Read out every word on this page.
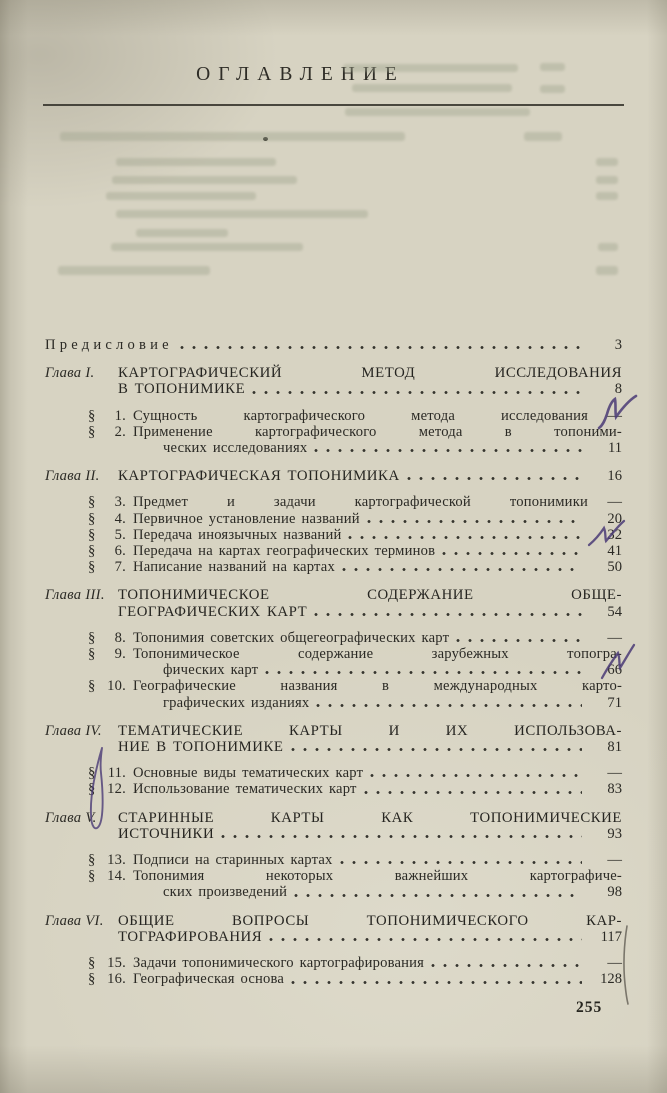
ОГЛАВЛЕНИЕ
Предисловие	3
Глава I.	КАРТОГРАФИЧЕСКИЙ МЕТОД ИССЛЕДОВАНИЯ
В ТОПОНИМИКЕ	8
§	1. Сущность картографического метода исследования	—
§	2. Применение картографического метода в топоними-
ческих исследованиях	11
Глава II.	КАРТОГРАФИЧЕСКАЯ ТОПОНИМИКА	16
§	3. Предмет и задачи картографической топонимики	—
§	4. Первичное установление названий	20
§	5. Передача иноязычных названий	32
§	6. Передача на картах географических терминов	41
§	7. Написание названий на картах	50
Глава III. ТОПОНИМИЧЕСКОЕ СОДЕРЖАНИЕ ОБЩЕ-
ГЕОГРАФИЧЕСКИХ КАРТ	54
§	8. Топонимия советских общегеографических карт	—
§	9. Топонимическое содержание зарубежных топогра-
фических карт	66
§ 10. Географические названия в международных карто-
графических изданиях	71
Глава IV.	ТЕМАТИЧЕСКИЕ КАРТЫ И ИХ ИСПОЛЬЗОВА-
НИЕ В ТОПОНИМИКЕ	81
§ 11. Основные виды тематических карт	—
§ 12. Использование тематических карт	83
Глава V.	СТАРИННЫЕ КАРТЫ КАК ТОПОНИМИЧЕСКИЕ
ИСТОЧНИКИ	93
§ 13. Подписи на старинных картах	—
§ 14. Топонимия некоторых важнейших картографиче-
ских произведений	98
Глава VI. ОБЩИЕ ВОПРОСЫ ТОПОНИМИЧЕСКОГО КАР-
ТОГРАФИРОВАНИЯ	117
§ 15. Задачи топонимического картографирования	—
§ 16. Географическая основа	128
255
